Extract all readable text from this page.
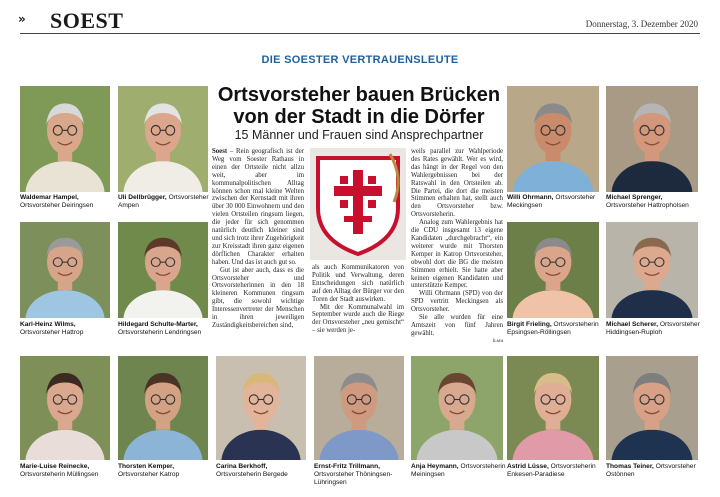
» SOEST	Donnerstag, 3. Dezember 2020
DIE SOESTER VERTRAUENSLEUTE
Ortsvorsteher bauen Brücken
von der Stadt in die Dörfer
15 Männer und Frauen sind Ansprechpartner

Soest – Rein geografisch ist der Weg vom Soester Rathaus in einen der Ortsteile nicht allzu weit, aber im kommunalpolitischen Alltag können schon mal kleine Welten zwischen der Kernstadt mit ihren über 30 000 Einwohnern und den vielen Ortsteilen ringsum liegen, die jeder für sich genommen natürlich deutlich kleiner sind und sich trotz ihrer Zugehörigkeit zur Kreisstadt ihren ganz eigenen dörflichen Charakter erhalten haben. Und das ist auch gut so.

Gut ist aber auch, dass es die Ortsvorsteher und Ortsvorsteherinnen in den 18 kleineren Kommunen ringsum gibt, die sowohl wichtige Interessenvertreter der Menschen in ihren jeweiligen Zuständigkeitsbereichen sind,

als auch Kommunikatoren von Politik und Verwaltung, deren Entscheidungen sich natürlich auf den Alltag der Bürger vor den Toren der Stadt auswirken.

Mit der Kommunalwahl im September wurde auch die Riege der Ortsvorsteher „neu gemischt“ – sie werden je-

weils parallel zur Wahlperiode des Rates gewählt. Wer es wird, das hängt in der Regel von den Wahlergebnissen bei der Ratswahl in den Ortsteilen ab. Die Partei, die dort die meisten Stimmen erhalten hat, stellt auch den Ortsvorsteher bzw. Ortsvorsteherin.

Analog zum Wahlergebnis hat die CDU insgesamt 13 eigene Kandidaten „durchgebracht“, ein weiterer wurde mit Thorsten Kemper in Katrop Ortsvorsteher, obwohl dort die BG die meisten Stimmen erhielt. Sie hatte aber keinen eigenen Kandidaten und unterstützte Kemper.

Willi Ohrmann (SPD) von der SPD vertritt Meckingsen als Ortsvorsteher.

Sie alle wurden für eine Amtszeit von fünf Jahren gewählt.

b.ssu

Waldemar Hampel, Ortsvorsteher Deiringsen
Uli Dellbrügger, Ortsvorsteher Ampen
Willi Ohrmann, Ortsvorsteher Meckingsen
Michael Sprenger, Ortsvorsteher Hattropholsen
Karl-Heinz Wilms, Ortsvorsteher Hattrop
Hildegard Schulte-Marter, Ortsvorsteherin Lendringsen
Birgit Frieling, Ortsvorsteherin Epsingsen-Röllingsen
Michael Scherer, Ortsvorsteher Hiddingsen-Ruploh
Marie-Luise Reinecke, Ortsvorsteherin Müllingsen
Thorsten Kemper, Ortsvorsteher Katrop
Carina Berkhoff, Ortsvorsteherin Bergede
Ernst-Fritz Trillmann, Ortsvorsteher Thöningsen-Lühringsen
Anja Heymann, Ortsvorsteherin Meiningsen
Astrid Lüsse, Ortsvorsteherin Enkesen-Paradiese
Thomas Teiner, Ortsvorsteher Ostönnen
